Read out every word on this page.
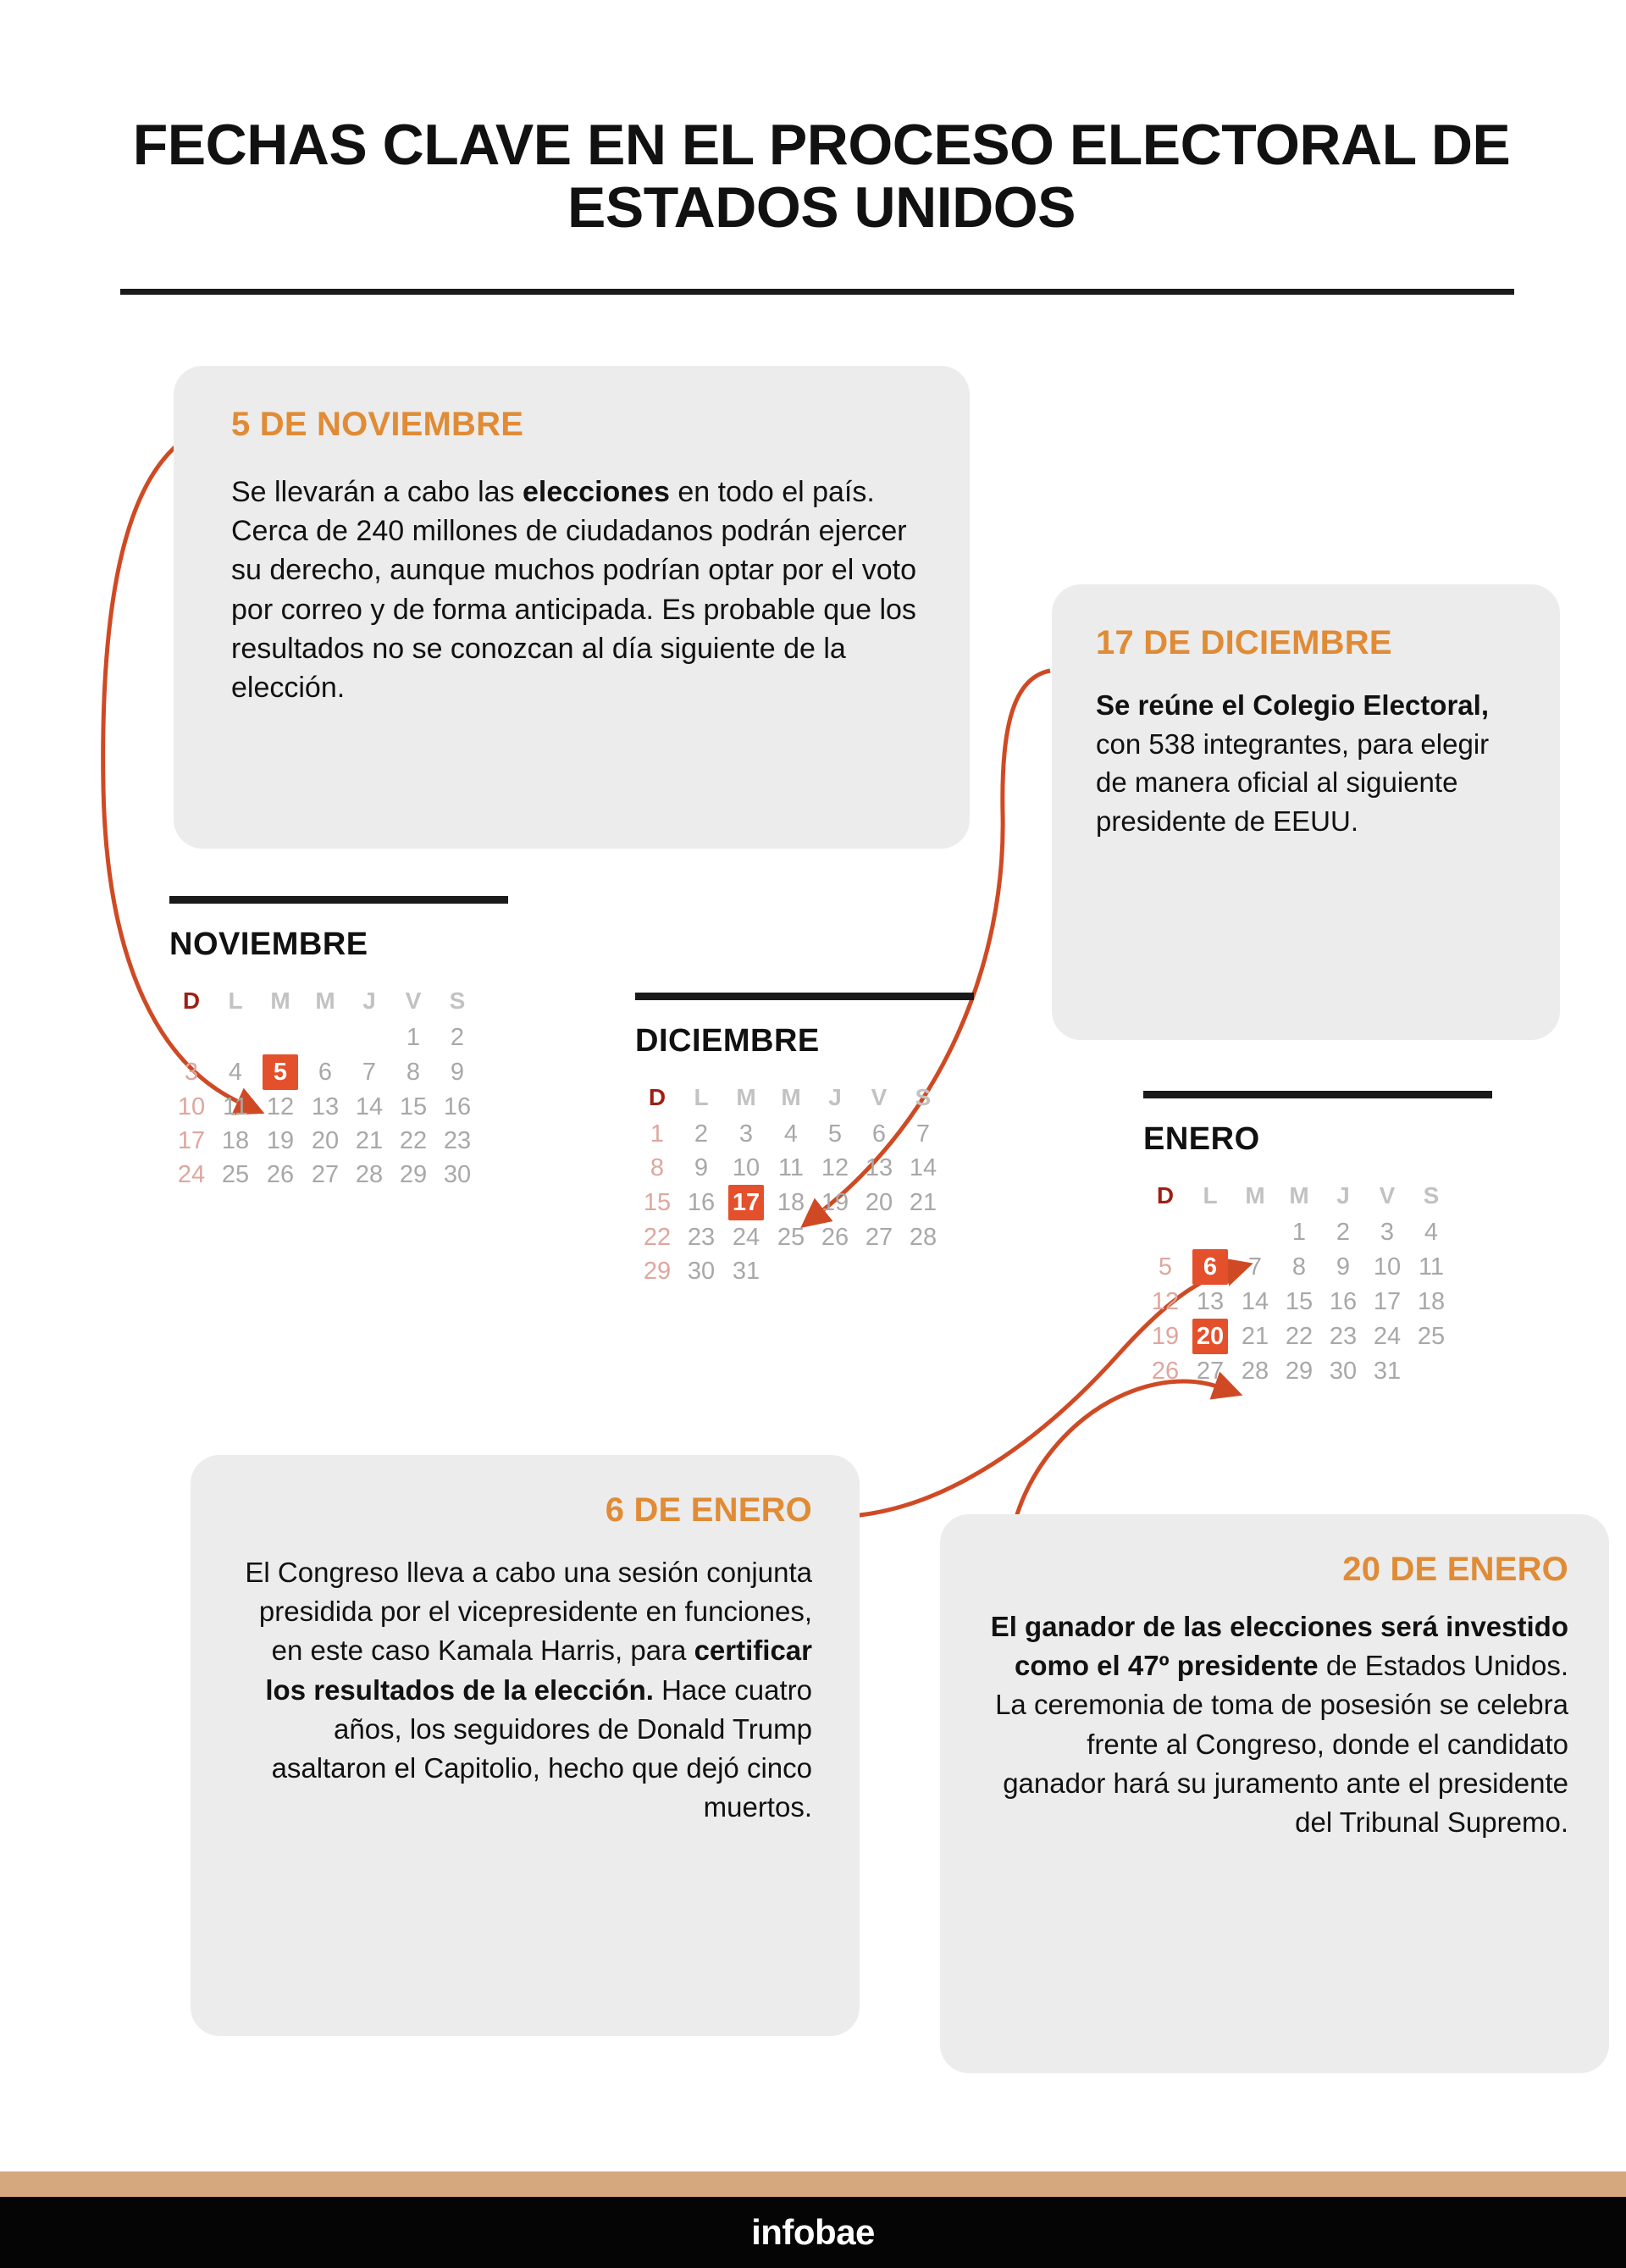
FECHAS CLAVE EN EL PROCESO ELECTORAL DE ESTADOS UNIDOS
5 DE NOVIEMBRE
Se llevarán a cabo las elecciones en todo el país. Cerca de 240 millones de ciudadanos podrán ejercer su derecho, aunque muchos podrían optar por el voto por correo y de forma anticipada. Es probable que los resultados no se conozcan al día siguiente de la elección.
17 DE DICIEMBRE
Se reúne el Colegio Electoral, con 538 integrantes, para elegir de manera oficial al siguiente presidente de EEUU.
6 DE ENERO
El Congreso lleva a cabo una sesión conjunta presidida por el vicepresidente en funciones, en este caso Kamala Harris, para certificar los resultados de la elección. Hace cuatro años, los seguidores de Donald Trump asaltaron el Capitolio, hecho que dejó cinco muertos.
20 DE ENERO
El ganador de las elecciones será investido como el 47º presidente de Estados Unidos. La ceremonia de toma de posesión se celebra frente al Congreso, donde el candidato ganador hará su juramento ante el presidente del Tribunal Supremo.
NOVIEMBRE
D	L	M	M	J	V	S
					1	2
3	4	5	6	7	8	9
10	11	12	13	14	15	16
17	18	19	20	21	22	23
24	25	26	27	28	29	30
DICIEMBRE
D	L	M	M	J	V	S
1	2	3	4	5	6	7
8	9	10	11	12	13	14
15	16	17	18	19	20	21
22	23	24	25	26	27	28
29	30	31				
ENERO
D	L	M	M	J	V	S
			1	2	3	4
5	6	7	8	9	10	11
12	13	14	15	16	17	18
19	20	21	22	23	24	25
26	27	28	29	30	31	
infobae
